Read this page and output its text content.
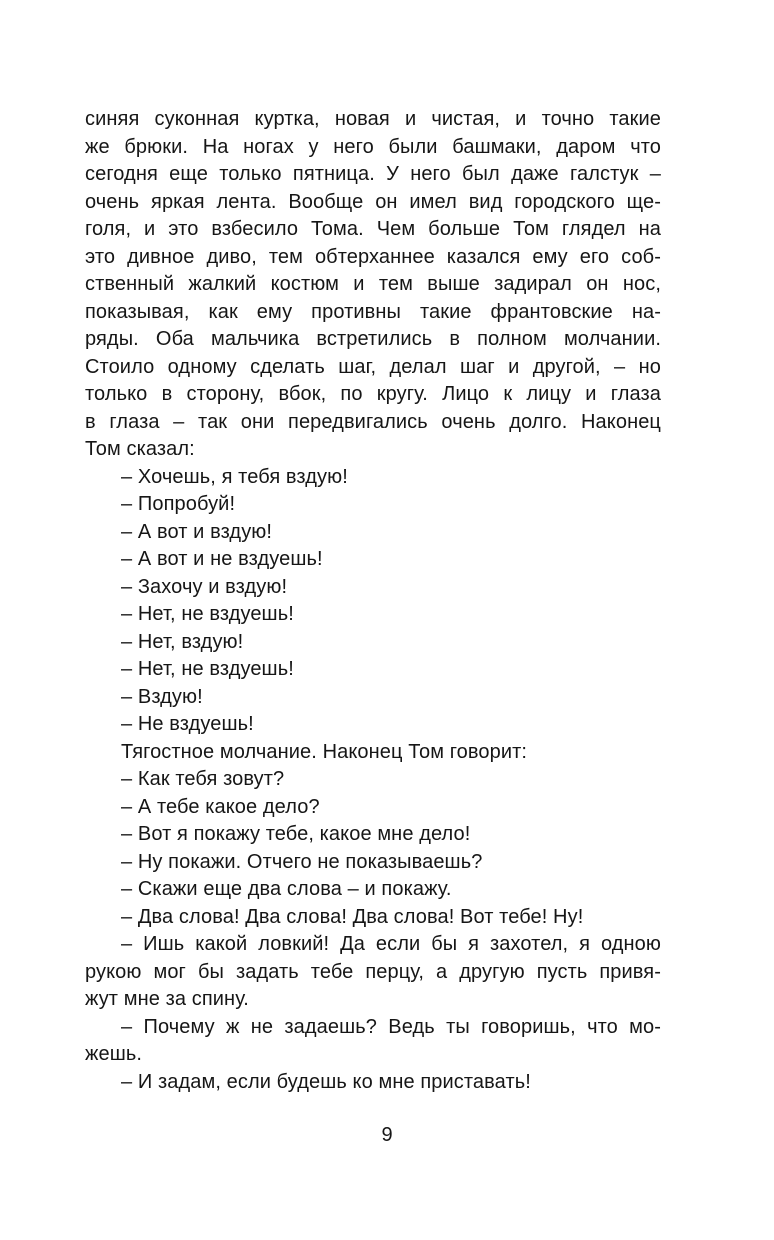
синяя суконная куртка, новая и чистая, и точно такие
же брюки. На ногах у него были башмаки, даром что
сегодня еще только пятница. У него был даже галстук –
очень яркая лента. Вообще он имел вид городского ще-
голя, и это взбесило Тома. Чем больше Том глядел на
это дивное диво, тем обтерханнее казался ему его соб-
ственный жалкий костюм и тем выше задирал он нос,
показывая, как ему противны такие франтовские на-
ряды. Оба мальчика встретились в полном молчании.
Стоило одному сделать шаг, делал шаг и другой, – но
только в сторону, вбок, по кругу. Лицо к лицу и глаза
в глаза – так они передвигались очень долго. Наконец
Том сказал:
– Хочешь, я тебя вздую!
– Попробуй!
– А вот и вздую!
– А вот и не вздуешь!
– Захочу и вздую!
– Нет, не вздуешь!
– Нет, вздую!
– Нет, не вздуешь!
– Вздую!
– Не вздуешь!
Тягостное молчание. Наконец Том говорит:
– Как тебя зовут?
– А тебе какое дело?
– Вот я покажу тебе, какое мне дело!
– Ну покажи. Отчего не показываешь?
– Скажи еще два слова – и покажу.
– Два слова! Два слова! Два слова! Вот тебе! Ну!
– Ишь какой ловкий! Да если бы я захотел, я одною
рукою мог бы задать тебе перцу, а другую пусть привя-
жут мне за спину.
– Почему ж не задаешь? Ведь ты говоришь, что мо-
жешь.
– И задам, если будешь ко мне приставать!
9
